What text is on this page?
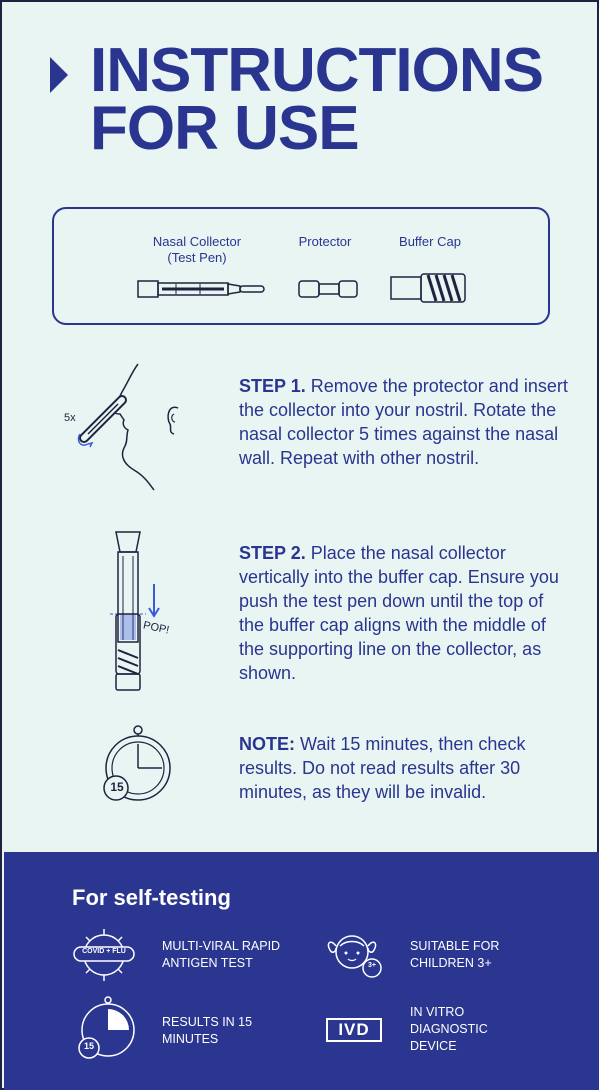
INSTRUCTIONS
FOR USE
Nasal Collector
(Test Pen)
Protector	Buffer Cap
5x
STEP 1. Remove the protector and insert the collector into your nostril. Rotate the nasal collector 5 times against the nasal wall. Repeat with other nostril.
POP!
STEP 2. Place the nasal collector vertically into the buffer cap. Ensure you push the test pen down until the top of the buffer cap aligns with the middle of the supporting line on the collector, as shown.
15
NOTE: Wait 15 minutes, then check results. Do not read results after 30 minutes, as they will be invalid.
For self-testing
COVID + FLU	MULTI-VIRAL RAPID
ANTIGEN TEST	3+
SUITABLE FOR
CHILDREN 3+
15
RESULTS IN 15
MINUTES	IVD
IN VITRO
DIAGNOSTIC
DEVICE
